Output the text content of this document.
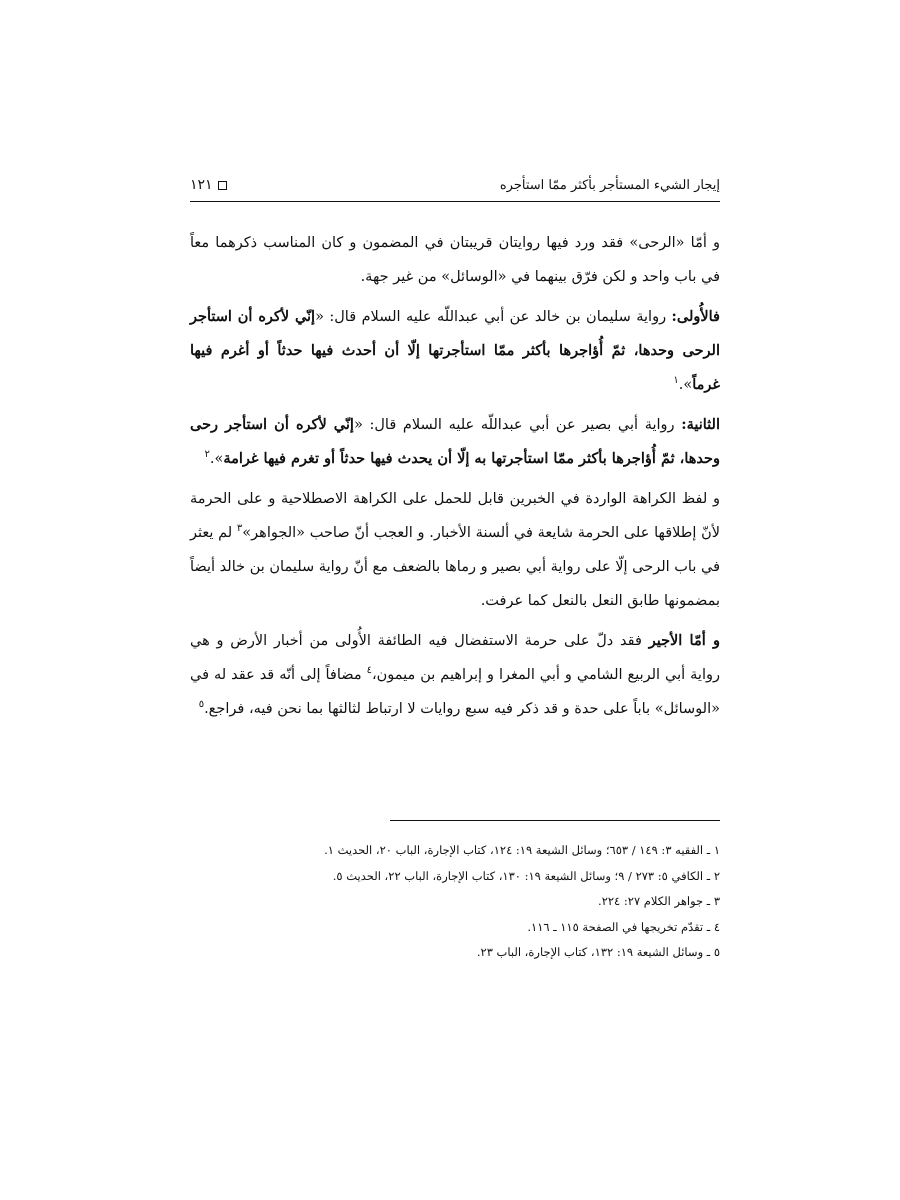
إيجار الشيء المستأجر بأكثر ممّا استأجره
١٢١

و أمّا «الرحى» فقد ورد فيها روايتان قريبتان في المضمون و كان المناسب ذكرهما معاً في باب واحد و لكن فرّق بينهما في «الوسائل» من غير جهة.

فالأُولى: رواية سليمان بن خالد عن أبي عبداللّه عليه السلام قال: «إنّي لأكره أن استأجر الرحى وحدها، ثمّ أُؤاجرها بأكثر ممّا استأجرتها إلّا أن أحدث فيها حدثاً أو أغرم فيها غرماً».$^١$

الثانية: رواية أبي بصير عن أبي عبداللّه عليه السلام قال: «إنّي لأكره أن استأجر رحى وحدها، ثمّ أُؤاجرها بأكثر ممّا استأجرتها به إلّا أن يحدث فيها حدثاً أو تغرم فيها غرامة».$^٢$

و لفظ الكراهة الواردة في الخبرين قابل للحمل على الكراهة الاصطلاحية و على الحرمة لأنّ إطلاقها على الحرمة شايعة في ألسنة الأخبار. و العجب أنّ صاحب «الجواهر»$^٣$ لم يعثر في باب الرحى إلّا على رواية أبي بصير و رماها بالضعف مع أنّ رواية سليمان بن خالد أيضاً بمضمونها طابق النعل بالنعل كما عرفت.

و أمّا الأجير فقد دلّ على حرمة الاستفضال فيه الطائفة الأُولى من أخبار الأرض و هي رواية أبي الربيع الشامي و أبي المغرا و إبراهيم بن ميمون،$^٤$ مضافاً إلى أنّه قد عقد له في «الوسائل» باباً على حدة و قد ذكر فيه سبع روايات لا ارتباط لثالثها بما نحن فيه، فراجع.$^٥$

١ ـ الفقيه ٣: ١٤٩ / ٦٥٣؛ وسائل الشيعة ١٩: ١٢٤، كتاب الإجارة، الباب ٢٠، الحديث ١.

٢ ـ الكافي ٥: ٢٧٣ / ٩؛ وسائل الشيعة ١٩: ١٣٠، كتاب الإجارة، الباب ٢٢، الحديث ٥.

٣ ـ جواهر الكلام ٢٧: ٢٢٤.

٤ ـ تقدّم تخريجها في الصفحة ١١٥ ـ ١١٦.

٥ ـ وسائل الشيعة ١٩: ١٣٢، كتاب الإجارة، الباب ٢٣.
